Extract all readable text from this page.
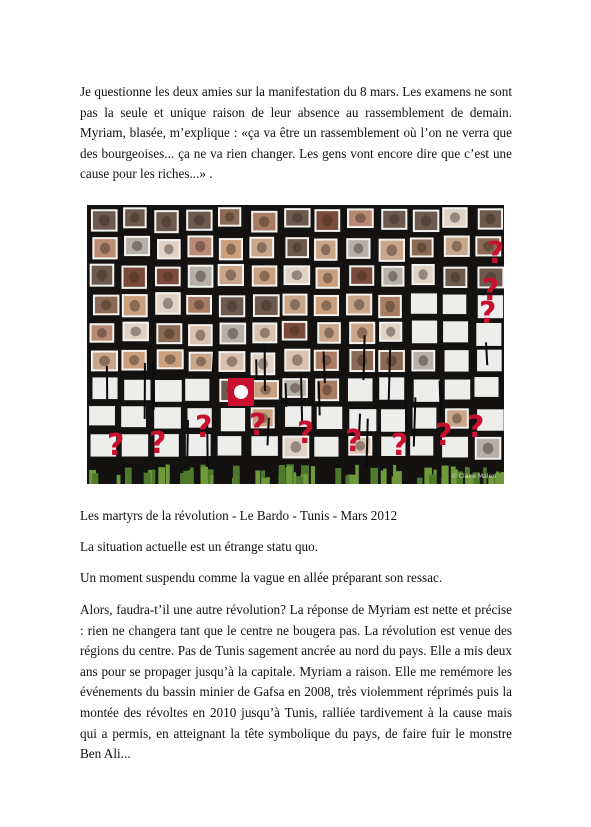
Je questionne les deux amies sur la manifestation du 8 mars. Les examens ne sont pas la seule et unique raison de leur absence au rassemblement de demain. Myriam, blasée, m’explique : «ça va être un rassemblement où l’on ne verra que des bourgeoises... ça ne va rien changer. Les gens vont encore dire que c’est une cause pour les riches...» .

? ? ? ? ? ? ? ? ?
?
?
?
© Claire Malen
Les martyrs de la révolution - Le Bardo - Tunis - Mars 2012
La situation actuelle est un étrange statu quo.
Un moment suspendu comme la vague en allée préparant son ressac.

Alors, faudra-t’il une autre révolution? La réponse de Myriam est nette et précise : rien ne changera tant que le centre ne bougera pas. La révolution est venue des régions du centre. Pas de Tunis sagement ancrée au nord du pays. Elle a mis deux ans pour se propager jusqu’à la capitale. Myriam a raison. Elle me remémore les événements du bassin minier de Gafsa en 2008, très violemment réprimés puis la montée des révoltes en 2010 jusqu’à Tunis, ralliée tardivement à la cause mais qui a permis, en atteignant la tête symbolique du pays, de faire fuir le monstre Ben Ali...
